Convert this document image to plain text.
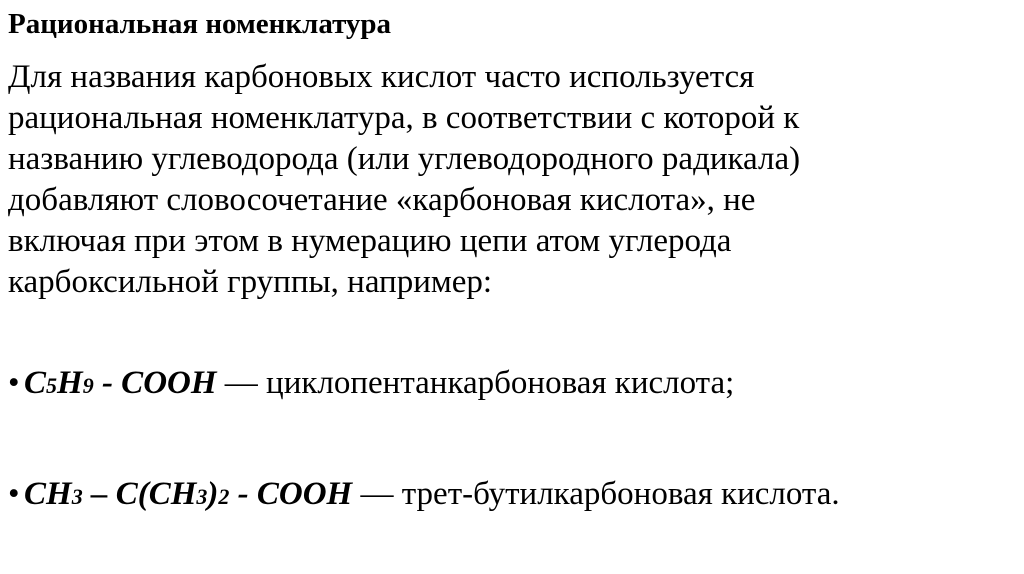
Рациональная номенклатура
Для названия карбоновых кислот часто используется
рациональная номенклатура, в соответствии с которой к
названию углеводорода (или углеводородного радикала)
добавляют словосочетание «карбоновая кислота», не
включая при этом в нумерацию цепи атом углерода
карбоксильной группы, например:
• C5H9 - COOH — циклопентанкарбоновая кислота;
• CH3 – C(CH3)2 - COOH — трет-бутилкарбоновая кислота.
